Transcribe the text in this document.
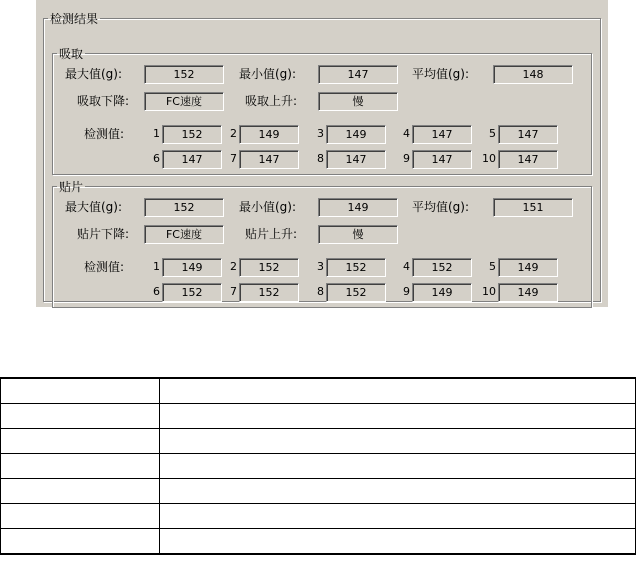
检测结果
吸取
最大值(g):	152	最小值(g):	147	平均值(g):	148
吸取下降:	FC速度	吸取上升:	慢
检测值:	1	152	2	149	3	149	4	147	5	147
6	147	7	147	8	147	9	147	10	147
贴片
最大值(g):	152	最小值(g):	149	平均值(g):	151
贴片下降:	FC速度	贴片上升:	慢
检测值:	1	149	2	152	3	152	4	152	5	149
6	152	7	152	8	152	9	149	10	149
